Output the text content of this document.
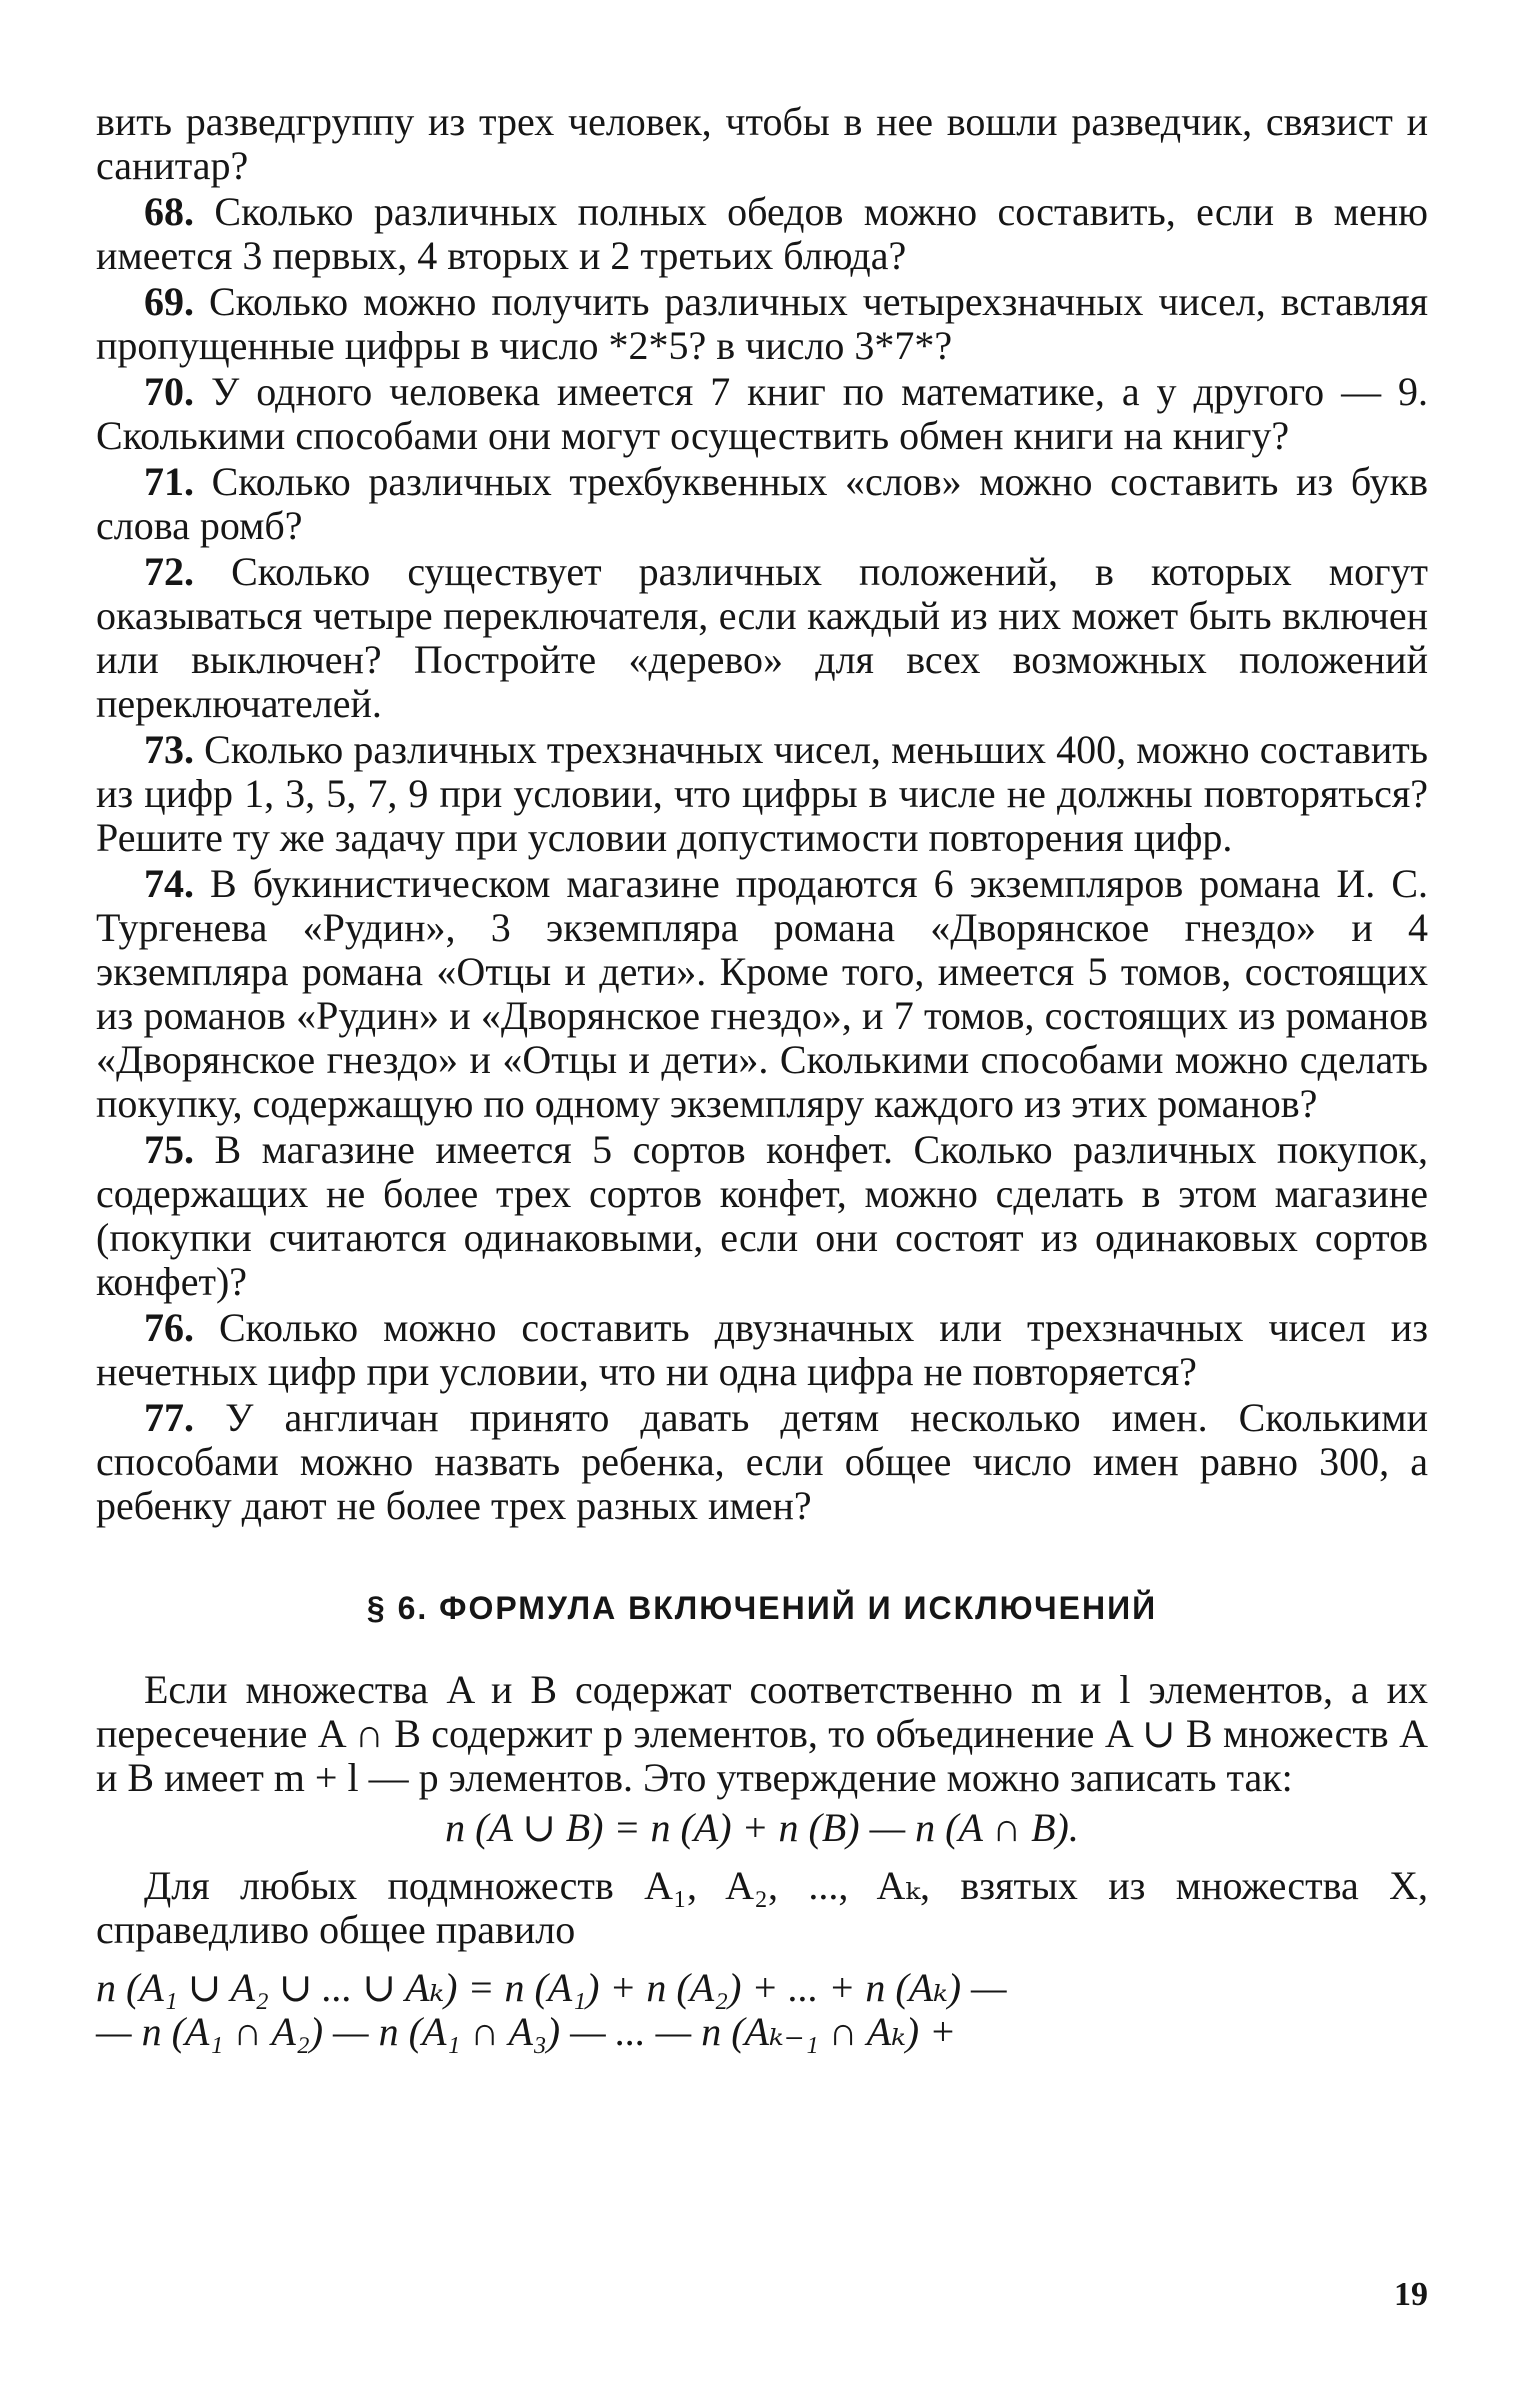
вить разведгруппу из трех человек, чтобы в нее вошли разведчик, связист и санитар?

68. Сколько различных полных обедов можно составить, если в меню имеется 3 первых, 4 вторых и 2 третьих блюда?

69. Сколько можно получить различных четырехзначных чисел, вставляя пропущенные цифры в число *2*5? в число 3*7*?

70. У одного человека имеется 7 книг по математике, а у другого — 9. Сколькими способами они могут осуществить обмен книги на книгу?

71. Сколько различных трехбуквенных «слов» можно составить из букв слова ромб?

72. Сколько существует различных положений, в которых могут оказываться четыре переключателя, если каждый из них может быть включен или выключен? Постройте «дерево» для всех возможных положений переключателей.

73. Сколько различных трехзначных чисел, меньших 400, можно составить из цифр 1, 3, 5, 7, 9 при условии, что цифры в числе не должны повторяться? Решите ту же задачу при условии допустимости повторения цифр.

74. В букинистическом магазине продаются 6 экземпляров романа И. С. Тургенева «Рудин», 3 экземпляра романа «Дворянское гнездо» и 4 экземпляра романа «Отцы и дети». Кроме того, имеется 5 томов, состоящих из романов «Рудин» и «Дворянское гнездо», и 7 томов, состоящих из романов «Дворянское гнездо» и «Отцы и дети». Сколькими способами можно сделать покупку, содержащую по одному экземпляру каждого из этих романов?

75. В магазине имеется 5 сортов конфет. Сколько различных покупок, содержащих не более трех сортов конфет, можно сделать в этом магазине (покупки считаются одинаковыми, если они состоят из одинаковых сортов конфет)?

76. Сколько можно составить двузначных или трехзначных чисел из нечетных цифр при условии, что ни одна цифра не повторяется?

77. У англичан принято давать детям несколько имен. Сколькими способами можно назвать ребенка, если общее число имен равно 300, а ребенку дают не более трех разных имен?

§ 6. ФОРМУЛА ВКЛЮЧЕНИЙ И ИСКЛЮЧЕНИЙ

Если множества A и B содержат соответственно m и l элементов, а их пересечение A ∩ B содержит p элементов, то объединение A ∪ B множеств A и B имеет m + l — p элементов. Это утверждение можно записать так:

n (A ∪ B) = n (A) + n (B) — n (A ∩ B).

Для любых подмножеств A₁, A₂, ..., Aₖ, взятых из множества X, справедливо общее правило

n (A₁ ∪ A₂ ∪ ... ∪ Aₖ) = n (A₁) + n (A₂) + ... + n (Aₖ) —
— n (A₁ ∩ A₂) — n (A₁ ∩ A₃) — ... — n (Aₖ₋₁ ∩ Aₖ) +
19
